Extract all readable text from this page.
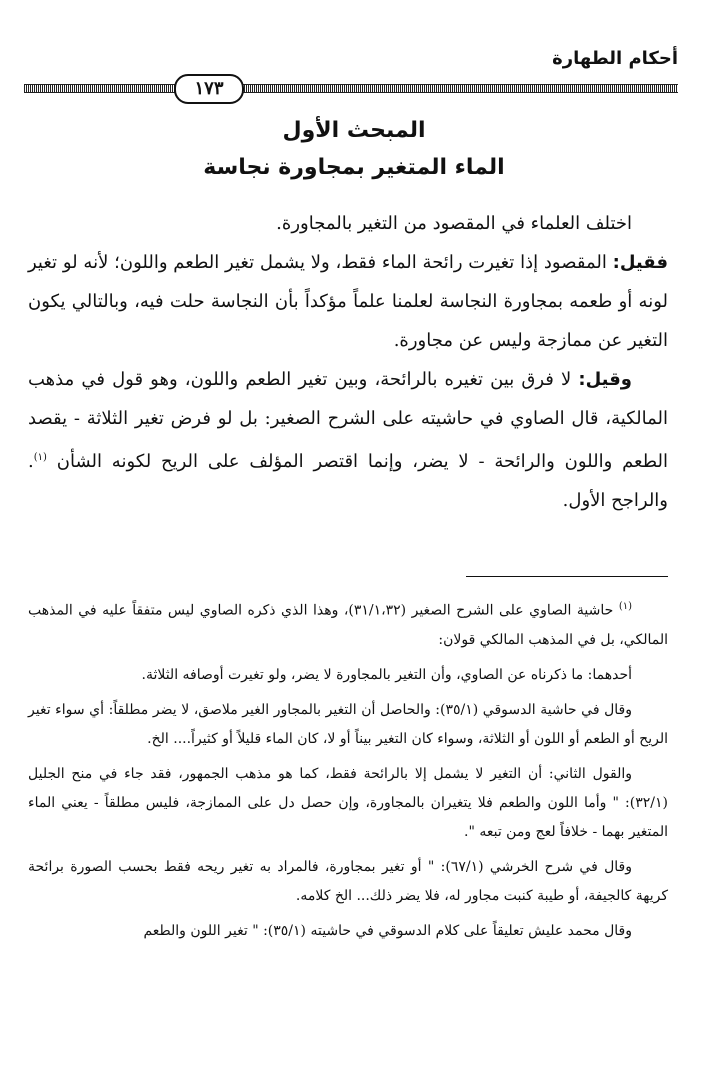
أحكام الطهارة
١٧٣
المبحث الأول
الماء المتغير بمجاورة نجاسة

اختلف العلماء في المقصود من التغير بالمجاورة.

فقيل: المقصود إذا تغيرت رائحة الماء فقط، ولا يشمل تغير الطعم واللون؛ لأنه لو تغير لونه أو طعمه بمجاورة النجاسة لعلمنا علماً مؤكداً بأن النجاسة حلت فيه، وبالتالي يكون التغير عن ممازجة وليس عن مجاورة.

وقيل: لا فرق بين تغيره بالرائحة، وبين تغير الطعم واللون، وهو قول في مذهب المالكية، قال الصاوي في حاشيته على الشرح الصغير: بل لو فرض تغير الثلاثة - يقصد الطعم واللون والرائحة - لا يضر، وإنما اقتصر المؤلف على الريح لكونه الشأن $^{(١)}$. والراجح الأول.

$^{(١)}$ حاشية الصاوي على الشرح الصغير (٣١/١،٣٢)، وهذا الذي ذكره الصاوي ليس متفقاً عليه في المذهب المالكي، بل في المذهب المالكي قولان:

أحدهما: ما ذكرناه عن الصاوي، وأن التغير بالمجاورة لا يضر، ولو تغيرت أوصافه الثلاثة.

وقال في حاشية الدسوقي (٣٥/١): والحاصل أن التغير بالمجاور الغير ملاصق، لا يضر مطلقاً: أي سواء تغير الريح أو الطعم أو اللون أو الثلاثة، وسواء كان التغير بيناً أو لا، كان الماء قليلاً أو كثيراً.... الخ.

والقول الثاني: أن التغير لا يشمل إلا بالرائحة فقط، كما هو مذهب الجمهور، فقد جاء في منح الجليل (٣٢/١): " وأما اللون والطعم فلا يتغيران بالمجاورة، وإن حصل دل على الممازجة، فليس مطلقاً - يعني الماء المتغير بهما - خلافاً لعج ومن تبعه ".

وقال في شرح الخرشي (٦٧/١): " أو تغير بمجاورة، فالمراد به تغير ريحه فقط بحسب الصورة برائحة كريهة كالجيفة، أو طيبة كنبت مجاور له، فلا يضر ذلك... الخ كلامه.

وقال محمد عليش تعليقاً على كلام الدسوقي في حاشيته (٣٥/١): " تغير اللون والطعم
